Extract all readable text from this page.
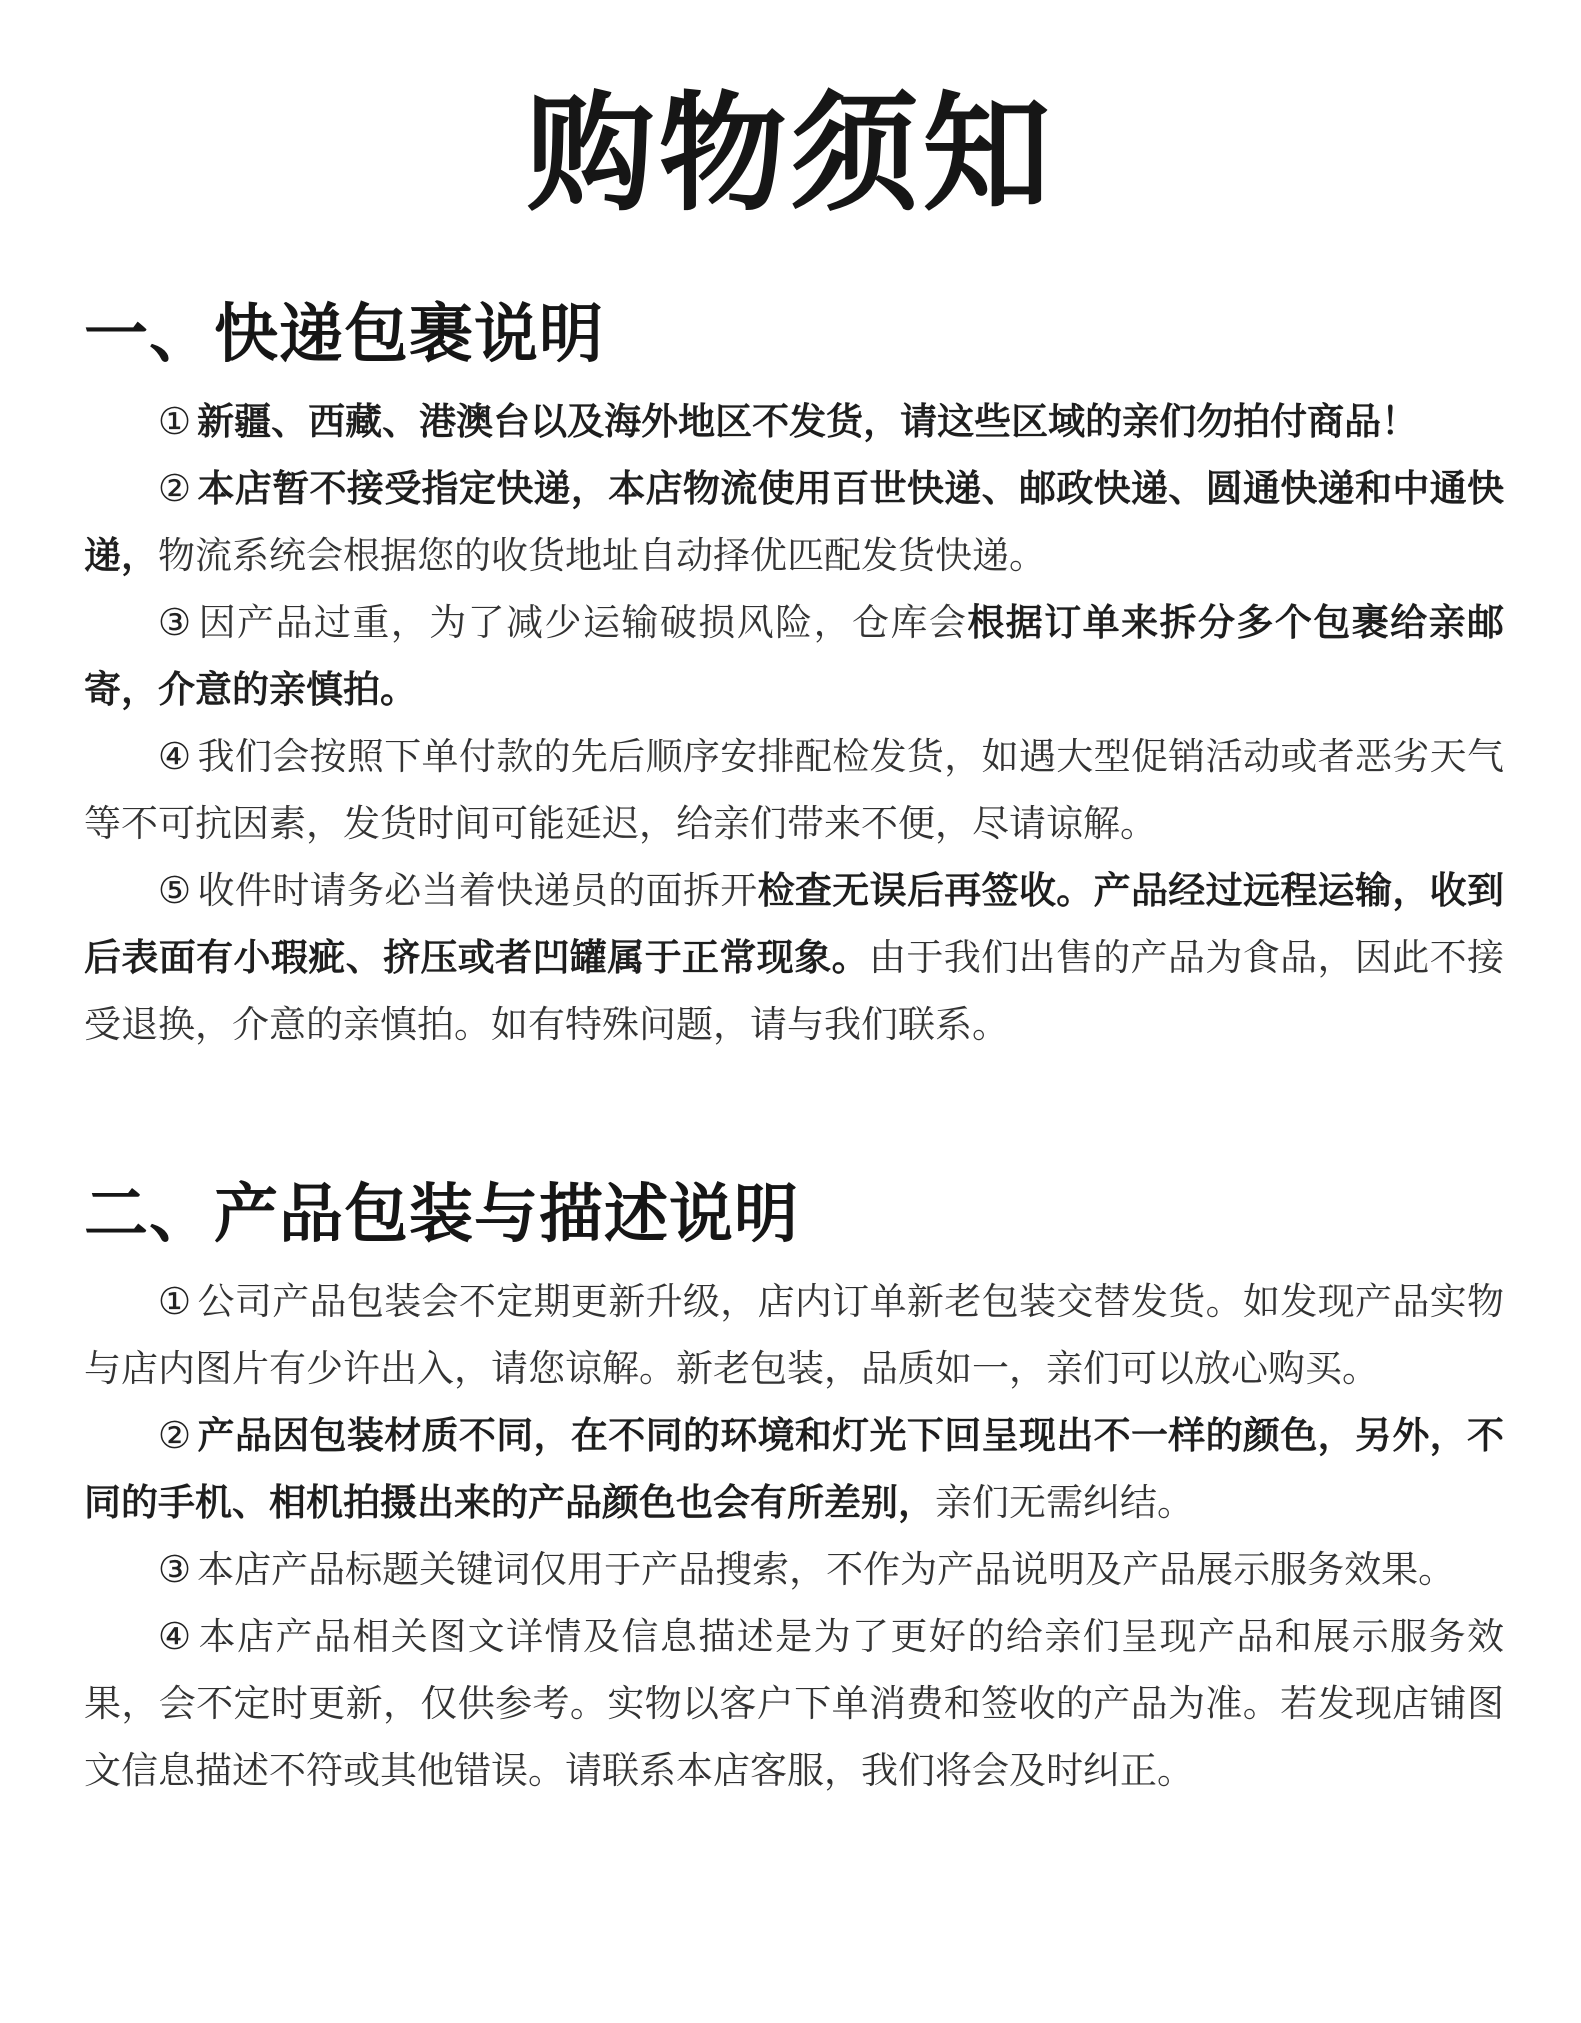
购物须知
一、快递包裹说明

① 新疆、西藏、港澳台以及海外地区不发货，请这些区域的亲们勿拍付商品！

② 本店暂不接受指定快递，本店物流使用百世快递、邮政快递、圆通快递和中通快递，物流系统会根据您的收货地址自动择优匹配发货快递。

③ 因产品过重，为了减少运输破损风险，仓库会根据订单来拆分多个包裹给亲邮寄，介意的亲慎拍。

④ 我们会按照下单付款的先后顺序安排配检发货，如遇大型促销活动或者恶劣天气等不可抗因素，发货时间可能延迟，给亲们带来不便，尽请谅解。

⑤ 收件时请务必当着快递员的面拆开检查无误后再签收。产品经过远程运输，收到后表面有小瑕疵、挤压或者凹罐属于正常现象。由于我们出售的产品为食品，因此不接受退换，介意的亲慎拍。如有特殊问题，请与我们联系。

二、产品包装与描述说明

① 公司产品包装会不定期更新升级，店内订单新老包装交替发货。如发现产品实物与店内图片有少许出入，请您谅解。新老包装，品质如一，亲们可以放心购买。

② 产品因包装材质不同，在不同的环境和灯光下回呈现出不一样的颜色，另外，不同的手机、相机拍摄出来的产品颜色也会有所差别，亲们无需纠结。

③ 本店产品标题关键词仅用于产品搜索，不作为产品说明及产品展示服务效果。

④ 本店产品相关图文详情及信息描述是为了更好的给亲们呈现产品和展示服务效果，会不定时更新，仅供参考。实物以客户下单消费和签收的产品为准。若发现店铺图文信息描述不符或其他错误。请联系本店客服，我们将会及时纠正。
